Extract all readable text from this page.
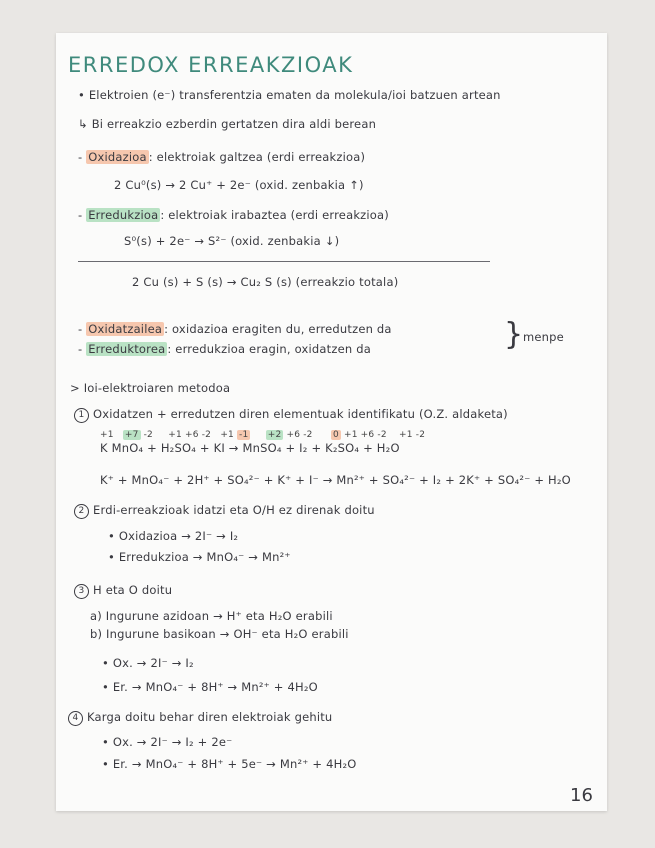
ERREDOX ERREAKZIOAK
• Elektroien (e⁻) transferentzia ematen da molekula/ioi batzuen artean
↳ Bi erreakzio ezberdin gertatzen dira aldi berean
- Oxidazioa : elektroiak galtzea (erdi erreakzioa)
2 Cu⁰(s) → 2 Cu⁺ + 2e⁻ (oxid. zenbakia ↑)
- Erredukzioa : elektroiak irabaztea (erdi erreakzioa)
S⁰(s) + 2e⁻ → S²⁻ (oxid. zenbakia ↓)
2 Cu (s) + S (s) → Cu₂ S (s) (erreakzio totala)
- Oxidatzailea : oxidazioa eragiten du, erredutzen da
- Erreduktorea : erredukzioa eragin, oxidatzen da	} menpe
> Ioi-elektroiaren metodoa
1 Oxidatzen + erredutzen diren elementuak identifikatu (O.Z. aldaketa)
+1 +7 -2 +1 +6 -2 +1 -1 +2 +6 -2 0 +1 +6 -2 +1 -2
K MnO₄ + H₂SO₄ + KI → MnSO₄ + I₂ + K₂SO₄ + H₂O
K⁺ + MnO₄⁻ + 2H⁺ + SO₄²⁻ + K⁺ + I⁻ → Mn²⁺ + SO₄²⁻ + I₂ + 2K⁺ + SO₄²⁻ + H₂O
2 Erdi-erreakzioak idatzi eta O/H ez direnak doitu
• Oxidazioa → 2I⁻ → I₂
• Erredukzioa → MnO₄⁻ → Mn²⁺
3 H eta O doitu
a) Ingurune azidoan → H⁺ eta H₂O erabili
b) Ingurune basikoan → OH⁻ eta H₂O erabili
• Ox. → 2I⁻ → I₂
• Er. → MnO₄⁻ + 8H⁺ → Mn²⁺ + 4H₂O
4 Karga doitu behar diren elektroiak gehitu
• Ox. → 2I⁻ → I₂ + 2e⁻
• Er. → MnO₄⁻ + 8H⁺ + 5e⁻ → Mn²⁺ + 4H₂O
16
